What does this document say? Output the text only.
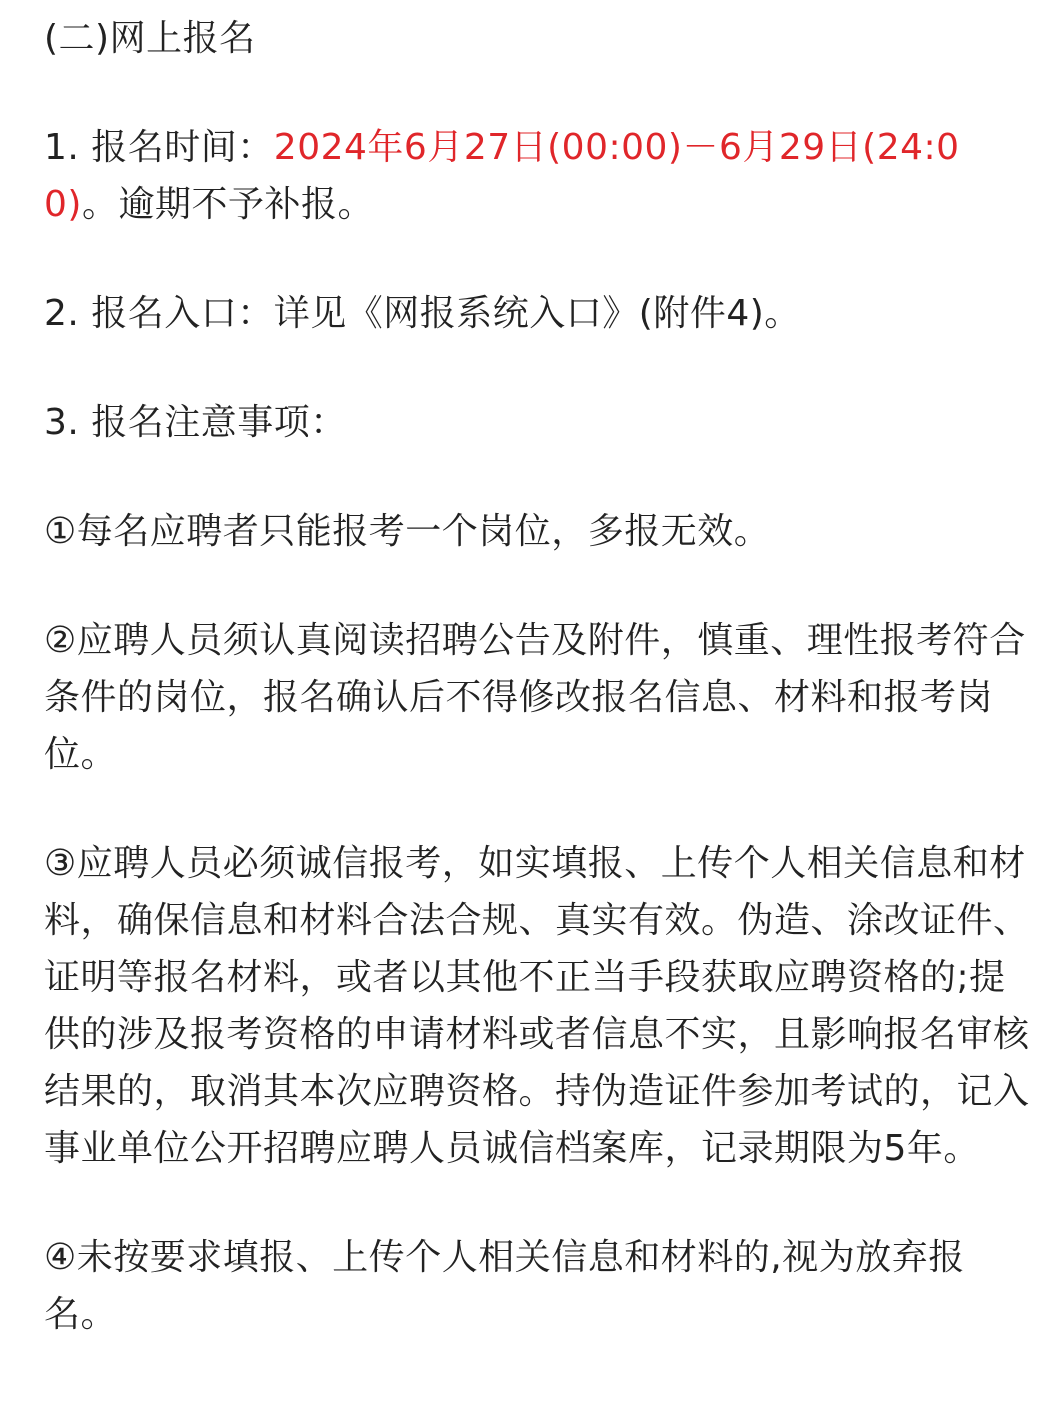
(二)网上报名

1. 报名时间：2024年6月27日(00:00)－6月29日(24:00)。逾期不予补报。

2. 报名入口：详见《网报系统入口》(附件4)。

3. 报名注意事项：

①每名应聘者只能报考一个岗位，多报无效。

②应聘人员须认真阅读招聘公告及附件，慎重、理性报考符合条件的岗位，报名确认后不得修改报名信息、材料和报考岗位。

③应聘人员必须诚信报考，如实填报、上传个人相关信息和材料，确保信息和材料合法合规、真实有效。伪造、涂改证件、证明等报名材料，或者以其他不正当手段获取应聘资格的;提供的涉及报考资格的申请材料或者信息不实，且影响报名审核结果的，取消其本次应聘资格。持伪造证件参加考试的，记入事业单位公开招聘应聘人员诚信档案库，记录期限为5年。

④未按要求填报、上传个人相关信息和材料的,视为放弃报名。
